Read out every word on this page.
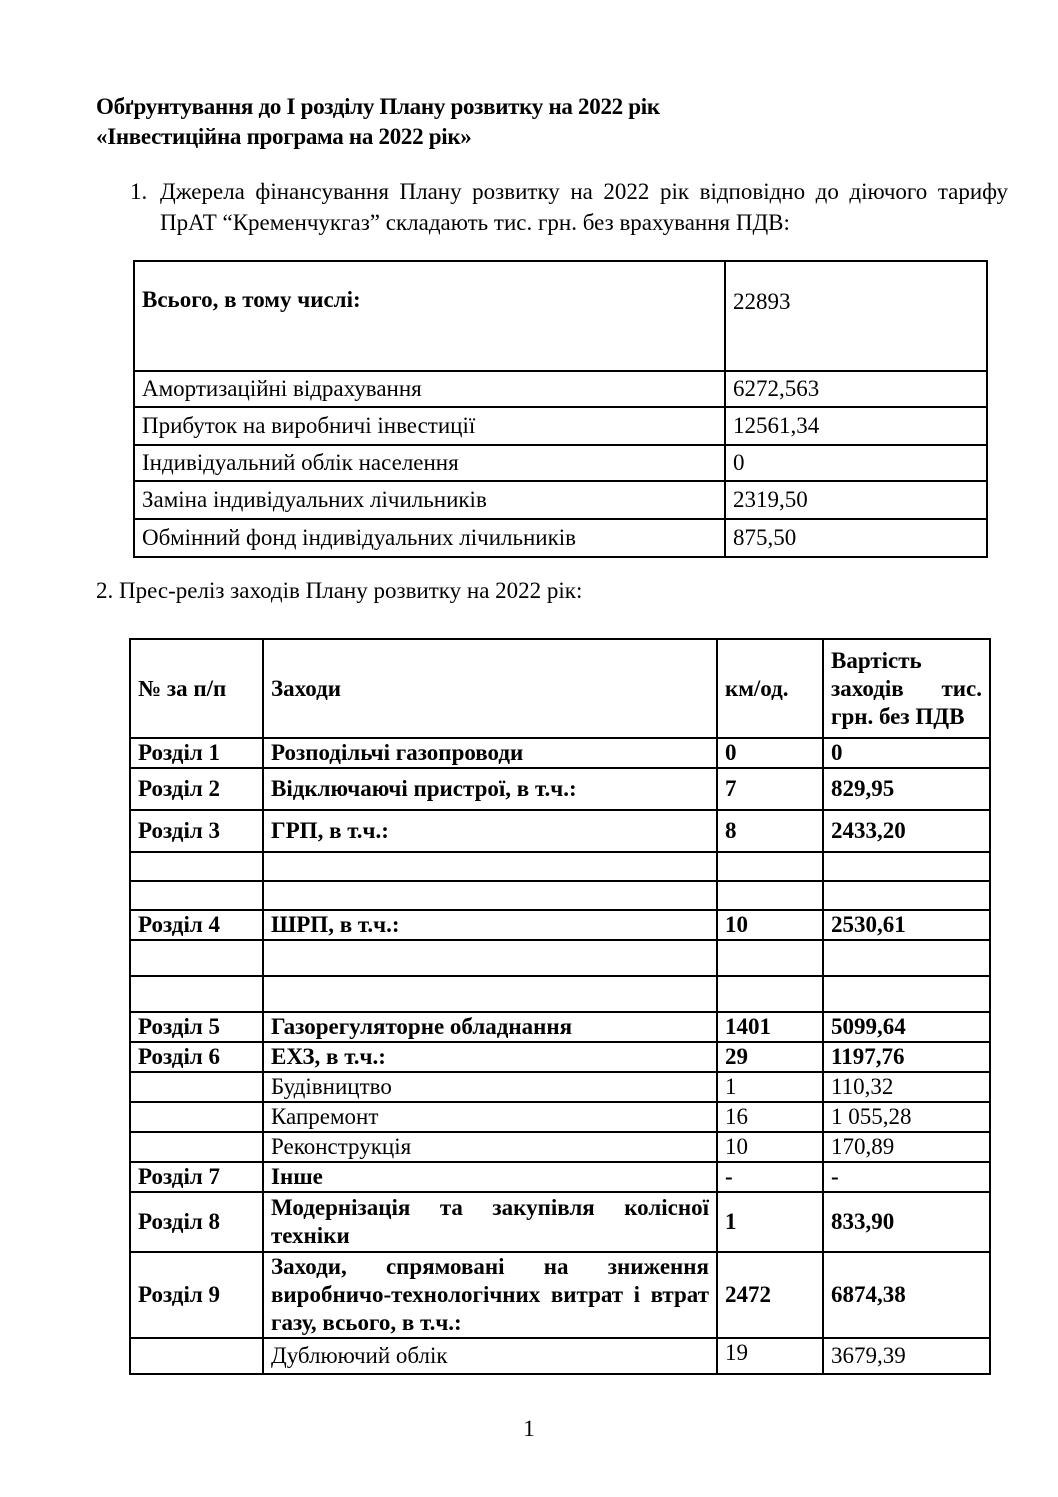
Обґрунтування до І розділу Плану розвитку на 2022 рік
«Інвестиційна програма на 2022 рік»
1. Джерела фінансування Плану розвитку на 2022 рік відповідно до діючого тарифу ПрАТ “Кременчукгаз” складають тис. грн. без врахування ПДВ:
Всього, в тому числі:	22893
Амортизаційні відрахування	6272,563
Прибуток на виробничі інвестиції	12561,34
Індивідуальний облік населення	0
Заміна індивідуальних лічильників	2319,50
Обмінний фонд індивідуальних лічильників	875,50
2. Прес-реліз заходів Плану розвитку на 2022 рік:
№ за п/п	Заходи	км/од.	Вартість заходів тис. грн. без ПДВ
Розділ 1	Розподільчі газопроводи	0	0
Розділ 2	Відключаючі пристрої, в т.ч.:	7	829,95
Розділ 3	ГРП, в т.ч.:	8	2433,20

Розділ 4	ШРП, в т.ч.:	10	2530,61

Розділ 5	Газорегуляторне обладнання	1401	5099,64
Розділ 6	ЕХЗ, в т.ч.:	29	1197,76
	Будівництво	1	110,32
	Капремонт	16	1 055,28
	Реконструкція	10	170,89
Розділ 7	Інше	-	-
Розділ 8	Модернізація та закупівля колісної техніки	1	833,90
Розділ 9	Заходи, спрямовані на зниження виробничо-технологічних витрат і втрат газу, всього, в т.ч.:	2472	6874,38
	Дублюючий облік	19	3679,39
1
